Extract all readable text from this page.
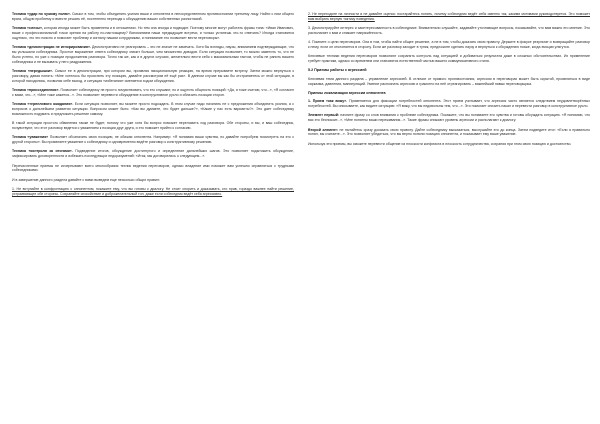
Техника «удар по чужому полю». Смысл в том, чтобы объединить усилия ваши и оппонента в непосредственном противостоянии третьему лицу. Найти с ним общего врага, общую проблему и вместе решать её, постепенно переходя к обсуждению ваших собственных разногласий.

Техника «слезы», которая иногда может быть применена и в отношениях. Но тем она иногда и подводит. Поэтому многие могут работать фразы типа: «Иван Иванович, ваше с профессиональной точки зрения на работу по-настоящему? Вспоминаем наши предыдущие встречи, и только устанешь что-то отвечать? Иногда становится ощутимо, что это поясно и помогает проблему и сигналу нашим сотрудникам, и понимание это позволяет вести переговоры».

Техника «демонстрации не игнорирования». Демонстративно не реагировать – это не значит не замечать. Хотя бы взгляды, паузы, вниманием подтверждающие, что вы услышали собеседника. Простое выражение ответа собеседнику значит больше, чем множество доводов. Если ситуация позволяет, то можно заметить то, что не было учтено, но уже с позиции продолжения разговора. Точно так же, как и в других случаях, желательно вести себя с максимальным тактом, чтобы не ранить вашего собеседника и не вызывать у него раздражения.

Техника «передышки». Смысл ее в демонстрации, при котором вы, проявляя эмоциональную реакцию, на время прерываете встречу. Затем можно вернуться к разговору, давая понять: «Мне хотелось бы прояснить эту позицию, давайте рассмотрим её ещё раз». В данном случае вы как бы отстраняетесь от этой ситуации, в которой находились, позволяя себе выход, и ситуация «избегания» сменяется ходом обсуждения.

Техника «присоединения». Позволяет собеседнику не просто почувствовать, что его слушают, но и ощутить общность позиций: «Да, я тоже считаю, что...», «Я согласен с вами, что...», «Мне тоже кажется...». Это позволяет перевести обсуждение в конструктивное русло и сблизить позиции сторон.

Техника «терпеливого ожидания». Если ситуация позволяет, вы можете просто подождать. В этом случае надо начинать не с предложения объединить усилия, а с вопросов о дальнейшем развитии ситуации. Вопросом может быть: «Как вы думаете, что будет дальше?», «Какие у нас есть варианты?». Это дает собеседнику возможность подумать и предложить решение самому.

В такой ситуации простого обвинения также не будет, потому что уже хотя бы вопрос поможет переломить ход разговора. Обе стороны, и вы, и ваш собеседник, почувствуют, что этот разговор ведется с уважением к позиции друг друга, и это поможет прийти к согласию.

Техника «уважения» Позволяет обозначить свою позицию, не обижая оппонента. Например: «Я понимаю ваши чувства, но давайте попробуем посмотреть на это с другой стороны». Вы проявляете уважение к собеседнику и одновременно ведёте разговор к конструктивному решению.

Техника «контроля за итогами». Подведение итогов, обсуждение достигнутого и определение дальнейших шагов. Это позволяет подытожить обсуждение, зафиксировать договоренности и избежать последующих недоразумений: «Итак, мы договорились о следующем...».

Перечисленные приемы не исчерпывают всего многообразия техник ведения переговоров, однако владение ими поможет вам успешно справляться с трудными собеседниками.

И в завершение данного раздела давайте с вами выведем еще несколько общих правил:

1. Не вступайте в конфронтацию с оппонентом, покажите ему, что вы готовы к диалогу. Не стоит спорить и доказывать, кто прав, гораздо важнее найти решение, устраивающее обе стороны. Сохраняйте спокойствие и доброжелательный тон, даже если собеседник ведёт себя агрессивно.

2. Не переходите на личности и не давайте оценок: постарайтесь понять, почему собеседник ведёт себя именно так, какими мотивами руководствуется. Это поможет вам выбрать верную тактику поведения.

3. Демонстрируйте интерес и заинтересованность в собеседнике. Внимательно слушайте, задавайте уточняющие вопросы, показывайте, что вам важно его мнение. Это располагает к вам и снижает напряжённость.

4. Помните о цели переговоров. Она в том, чтобы найти общее решение, а не в том, чтобы доказать свою правоту. Держите в фокусе результат и возвращайте разговор к нему, если он отклоняется в сторону. Если же разговор заходит в тупик, предложите сделать паузу и вернуться к обсуждению позже, когда эмоции улягутся.

Ключевые техники ведения переговоров позволяют сохранять контроль над ситуацией и добиваться результата даже в сложных обстоятельствах. Их применение требует практики, однако со временем они становятся естественной частью вашего коммуникативного стиля.

5.2 Приемы работы с агрессией

Ключевая тема данного раздела – управление агрессией. В отличие от прямого противостояния, агрессия в переговорах может быть скрытой, проявляться в виде сарказма, давления, манипуляций. Умение распознать агрессию и грамотно на неё отреагировать – важнейший навык переговорщика.

Приемы локализации агрессии оппонента

1. Прием «как вижу». Применяется для фиксации потребностей оппонента. Этот прием учитывает, что агрессия часто является следствием неудовлетворённых потребностей. Вы описываете, как видите ситуацию: «Я вижу, что вы недовольны тем, что...». Это помогает снизить накал и перевести разговор в конструктивное русло.

Элемент первый: начните фразу со слов внимания к проблеме собеседника. Покажите, что вы понимаете его чувства и готовы обсуждать ситуацию. «Я понимаю, что вас это беспокоит...», «Мне понятны ваши переживания...». Такие фразы снижают уровень агрессии и располагают к диалогу.

Второй элемент: не пытайтесь сразу доказать свою правоту. Дайте собеседнику высказаться, выслушайте его до конца. Затем подведите итог: «Если я правильно понял, вы считаете...». Это позволяет убедиться, что вы верно поняли позицию оппонента, и показывает ему ваше уважение.

Используя эти приемы, вы сможете перевести общение из плоскости конфликта в плоскость сотрудничества, сохраняя при этом свою позицию и достоинство.
